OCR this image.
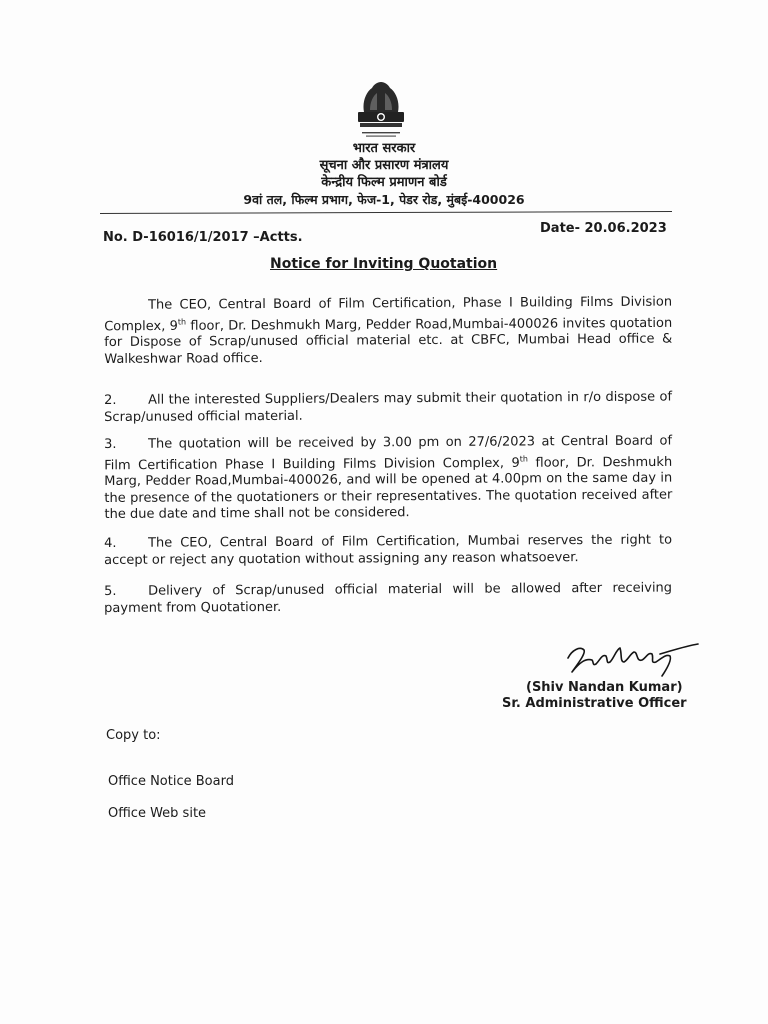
भारत सरकार
सूचना और प्रसारण मंत्रालय
केन्द्रीय फिल्म प्रमाणन बोर्ड
9वां तल, फिल्म प्रभाग, फेज-1, पेडर रोड, मुंबई-400026
No. D-16016/1/2017 –Actts.
Date- 20.06.2023
Notice for Inviting Quotation
The CEO, Central Board of Film Certification, Phase I Building Films Division Complex, 9th floor, Dr. Deshmukh Marg, Pedder Road,Mumbai-400026 invites quotation for Dispose of Scrap/unused official material etc. at CBFC, Mumbai Head office & Walkeshwar Road office.
2. All the interested Suppliers/Dealers may submit their quotation in r/o dispose of Scrap/unused official material.
3. The quotation will be received by 3.00 pm on 27/6/2023 at Central Board of Film Certification Phase I Building Films Division Complex, 9th floor, Dr. Deshmukh Marg, Pedder Road,Mumbai-400026, and will be opened at 4.00pm on the same day in the presence of the quotationers or their representatives. The quotation received after the due date and time shall not be considered.
4. The CEO, Central Board of Film Certification, Mumbai reserves the right to accept or reject any quotation without assigning any reason whatsoever.
5. Delivery of Scrap/unused official material will be allowed after receiving payment from Quotationer.
(Shiv Nandan Kumar)
Sr. Administrative Officer
Copy to:
Office Notice Board
Office Web site
